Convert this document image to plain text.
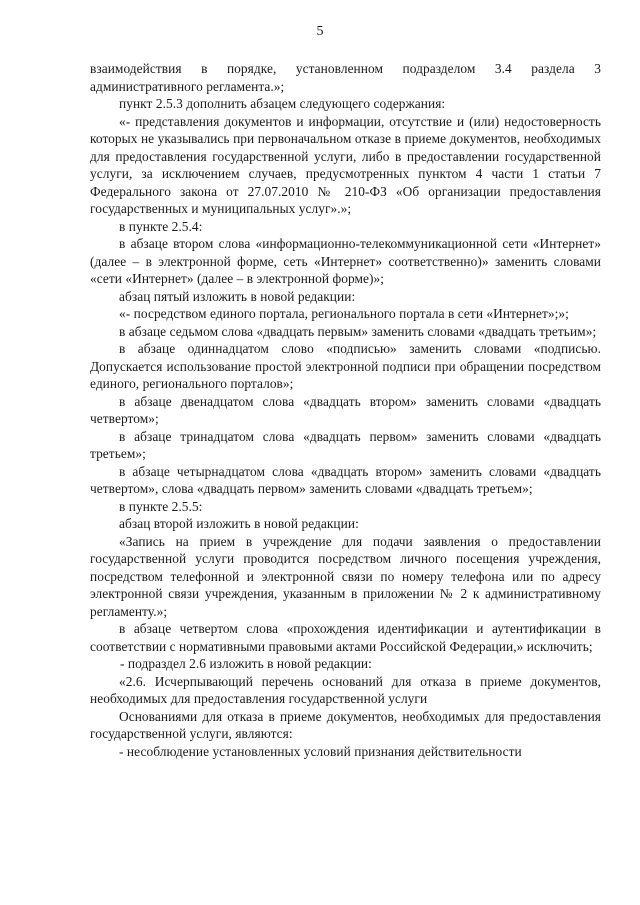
5

взаимодействия в порядке, установленном подразделом 3.4 раздела 3 административного регламента.»;

пункт 2.5.3 дополнить абзацем следующего содержания:

«- представления документов и информации, отсутствие и (или) недостоверность которых не указывались при первоначальном отказе в приеме документов, необходимых для предоставления государственной услуги, либо в предоставлении государственной услуги, за исключением случаев, предусмотренных пунктом 4 части 1 статьи 7 Федерального закона от 27.07.2010 № 210-ФЗ «Об организации предоставления государственных и муниципальных услуг».»;

в пункте 2.5.4:

в абзаце втором слова «информационно-телекоммуникационной сети «Интернет» (далее – в электронной форме, сеть «Интернет» соответственно)» заменить словами «сети «Интернет» (далее – в электронной форме)»;

абзац пятый изложить в новой редакции:

«- посредством единого портала, регионального портала в сети «Интернет»;»;

в абзаце седьмом слова «двадцать первым» заменить словами «двадцать третьим»;

в абзаце одиннадцатом слово «подписью» заменить словами «подписью. Допускается использование простой электронной подписи при обращении посредством единого, регионального порталов»;

в абзаце двенадцатом слова «двадцать втором» заменить словами «двадцать четвертом»;

в абзаце тринадцатом слова «двадцать первом» заменить словами «двадцать третьем»;

в абзаце четырнадцатом слова «двадцать втором» заменить словами «двадцать четвертом», слова «двадцать первом» заменить словами «двадцать третьем»;

в пункте 2.5.5:

абзац второй изложить в новой редакции:

«Запись на прием в учреждение для подачи заявления о предоставлении государственной услуги проводится посредством личного посещения учреждения, посредством телефонной и электронной связи по номеру телефона или по адресу электронной связи учреждения, указанным в приложении № 2 к административному регламенту.»;

в абзаце четвертом слова «прохождения идентификации и аутентификации в соответствии с нормативными правовыми актами Российской Федерации,» исключить;

- подраздел 2.6 изложить в новой редакции:

«2.6. Исчерпывающий перечень оснований для отказа в приеме документов, необходимых для предоставления государственной услуги

Основаниями для отказа в приеме документов, необходимых для предоставления государственной услуги, являются:

- несоблюдение установленных условий признания действительности
